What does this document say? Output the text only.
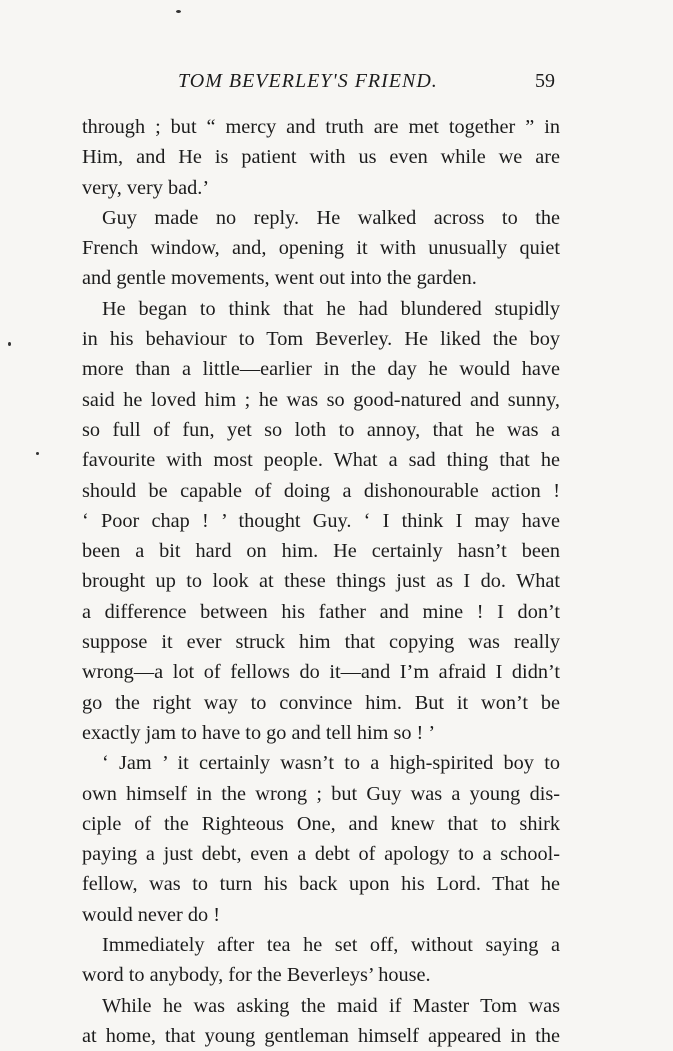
TOM BEVERLEY'S FRIEND.	59
through ; but “ mercy and truth are met together ” in
Him, and He is patient with us even while we are
very, very bad.’
Guy made no reply. He walked across to the
French window, and, opening it with unusually quiet
and gentle movements, went out into the garden.
He began to think that he had blundered stupidly
in his behaviour to Tom Beverley. He liked the boy
more than a little—earlier in the day he would have
said he loved him ; he was so good-natured and sunny,
so full of fun, yet so loth to annoy, that he was a
favourite with most people. What a sad thing that he
should be capable of doing a dishonourable action !
‘ Poor chap ! ’ thought Guy. ‘ I think I may have
been a bit hard on him. He certainly hasn’t been
brought up to look at these things just as I do. What
a difference between his father and mine ! I don’t
suppose it ever struck him that copying was really
wrong—a lot of fellows do it—and I’m afraid I didn’t
go the right way to convince him. But it won’t be
exactly jam to have to go and tell him so ! ’
‘ Jam ’ it certainly wasn’t to a high-spirited boy to
own himself in the wrong ; but Guy was a young dis-
ciple of the Righteous One, and knew that to shirk
paying a just debt, even a debt of apology to a school-
fellow, was to turn his back upon his Lord. That he
would never do !
Immediately after tea he set off, without saying a
word to anybody, for the Beverleys’ house.
While he was asking the maid if Master Tom was
at home, that young gentleman himself appeared in the
